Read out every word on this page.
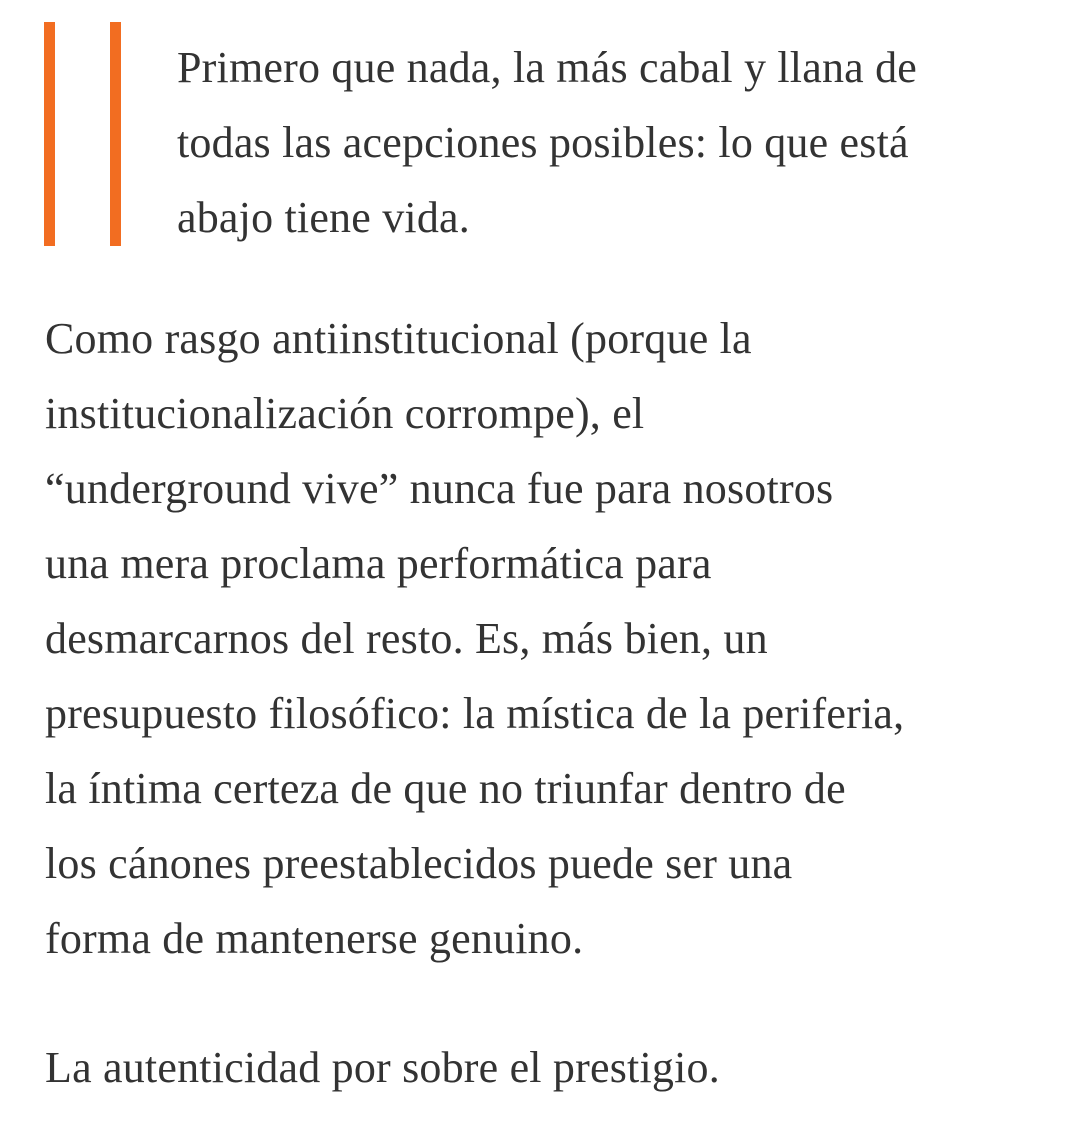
Primero que nada, la más cabal y llana de
todas las acepciones posibles: lo que está
abajo tiene vida.

Como rasgo antiinstitucional (porque la
institucionalización corrompe), el
“underground vive” nunca fue para nosotros
una mera proclama performática para
desmarcarnos del resto. Es, más bien, un
presupuesto filosófico: la mística de la periferia,
la íntima certeza de que no triunfar dentro de
los cánones preestablecidos puede ser una
forma de mantenerse genuino.

La autenticidad por sobre el prestigio.
